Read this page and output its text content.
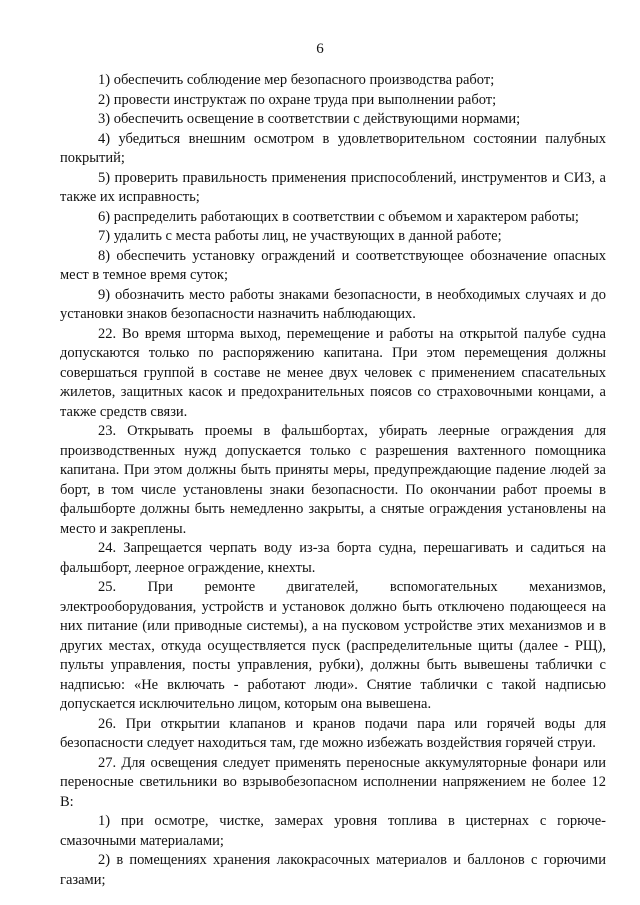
6

1) обеспечить соблюдение мер безопасного производства работ;

2) провести инструктаж по охране труда при выполнении работ;

3) обеспечить освещение в соответствии с действующими нормами;

4) убедиться внешним осмотром в удовлетворительном состоянии палубных покрытий;

5) проверить правильность применения приспособлений, инструментов и СИЗ, а также их исправность;

6) распределить работающих в соответствии с объемом и характером работы;

7) удалить с места работы лиц, не участвующих в данной работе;

8) обеспечить установку ограждений и соответствующее обозначение опасных мест в темное время суток;

9) обозначить место работы знаками безопасности, в необходимых случаях и до установки знаков безопасности назначить наблюдающих.

22. Во время шторма выход, перемещение и работы на открытой палубе судна допускаются только по распоряжению капитана. При этом перемещения должны совершаться группой в составе не менее двух человек с применением спасательных жилетов, защитных касок и предохранительных поясов со страховочными концами, а также средств связи.

23. Открывать проемы в фальшбортах, убирать леерные ограждения для производственных нужд допускается только с разрешения вахтенного помощника капитана. При этом должны быть приняты меры, предупреждающие падение людей за борт, в том числе установлены знаки безопасности. По окончании работ проемы в фальшборте должны быть немедленно закрыты, а снятые ограждения установлены на место и закреплены.

24. Запрещается черпать воду из-за борта судна, перешагивать и садиться на фальшборт, леерное ограждение, кнехты.

25. При ремонте двигателей, вспомогательных механизмов, электрооборудования, устройств и установок должно быть отключено подающееся на них питание (или приводные системы), а на пусковом устройстве этих механизмов и в других местах, откуда осуществляется пуск (распределительные щиты (далее - РЩ), пульты управления, посты управления, рубки), должны быть вывешены таблички с надписью: «Не включать - работают люди». Снятие таблички с такой надписью допускается исключительно лицом, которым она вывешена.

26. При открытии клапанов и кранов подачи пара или горячей воды для безопасности следует находиться там, где можно избежать воздействия горячей струи.

27. Для освещения следует применять переносные аккумуляторные фонари или переносные светильники во взрывобезопасном исполнении напряжением не более 12 В:

1) при осмотре, чистке, замерах уровня топлива в цистернах с горюче-смазочными материалами;

2) в помещениях хранения лакокрасочных материалов и баллонов с горючими газами;
